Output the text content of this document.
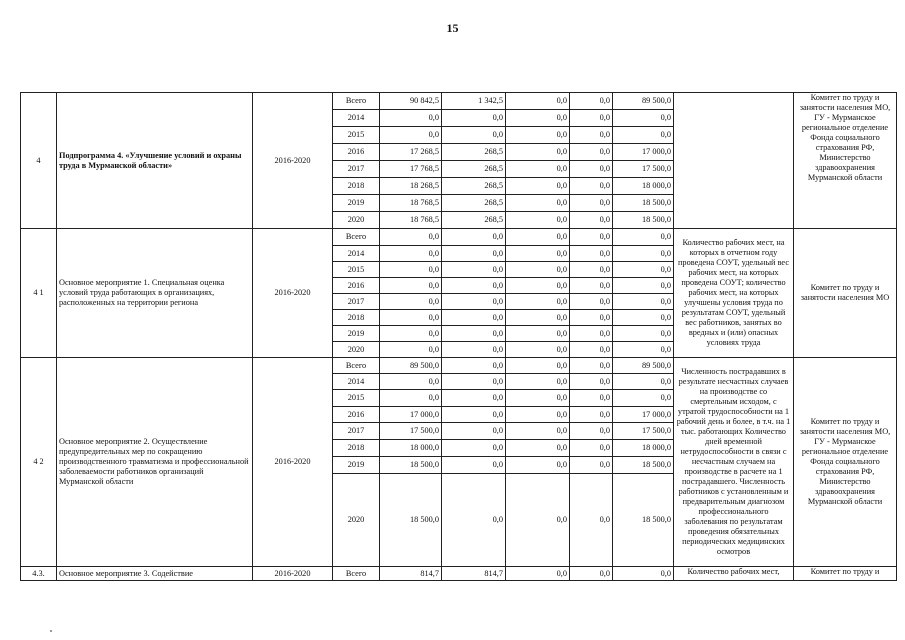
15
4	Подпрограмма 4. «Улучшение условий и охраны труда в Мурманской области»	2016-2020	Всего	90 842,5	1 342,5	0,0	0,0	89 500,0		Комитет по труду и занятости населения МО, ГУ - Мурманское региональное отделение Фонда социального страхования РФ, Министерство здравоохранения Мурманской области
			2014	0,0	0,0	0,0	0,0	0,0		
			2015	0,0	0,0	0,0	0,0	0,0		
			2016	17 268,5	268,5	0,0	0,0	17 000,0		
			2017	17 768,5	268,5	0,0	0,0	17 500,0		
			2018	18 268,5	268,5	0,0	0,0	18 000,0		
			2019	18 768,5	268,5	0,0	0,0	18 500,0		
			2020	18 768,5	268,5	0,0	0,0	18 500,0		
4 1	Основное мероприятие 1. Специальная оценка условий труда работающих в организациях, расположенных на территории региона	2016-2020	Всего	0,0	0,0	0,0	0,0	0,0	Количество рабочих мест, на которых в отчетном году проведена СОУТ, удельный вес рабочих мест, на которых проведена СОУТ; количество рабочих мест, на которых улучшены условия труда по результатам СОУТ, удельный вес работников, занятых во вредных и (или) опасных условиях труда	Комитет по труду и занятости населения МО
			2014	0,0	0,0	0,0	0,0	0,0		
			2015	0,0	0,0	0,0	0,0	0,0		
			2016	0,0	0,0	0,0	0,0	0,0		
			2017	0,0	0,0	0,0	0,0	0,0		
			2018	0,0	0,0	0,0	0,0	0,0		
			2019	0,0	0,0	0,0	0,0	0,0		
			2020	0,0	0,0	0,0	0,0	0,0		
4 2	Основное мероприятие 2. Осуществление предупредительных мер по сокращению производственного травматизма и профессиональной заболеваемости работников организаций Мурманской области	2016-2020	Всего	89 500,0	0,0	0,0	0,0	89 500,0	Численность пострадавших в результате несчастных случаев на производстве со смертельным исходом, с утратой трудоспособности на 1 рабочий день и более, в т.ч. на 1 тыс. работающих Количество дней временной нетрудоспособности в связи с несчастным случаем на производстве в расчете на 1 пострадавшего. Численность работников с установленным и предварительным диагнозом профессионального заболевания по результатам проведения обязательных периодических медицинских осмотров	Комитет по труду и занятости населения МО, ГУ - Мурманское региональное отделение Фонда социального страхования РФ, Министерство здравоохранения Мурманской области
			2014	0,0	0,0	0,0	0,0	0,0		
			2015	0,0	0,0	0,0	0,0	0,0		
			2016	17 000,0	0,0	0,0	0,0	17 000,0		
			2017	17 500,0	0,0	0,0	0,0	17 500,0		
			2018	18 000,0	0,0	0,0	0,0	18 000,0		
			2019	18 500,0	0,0	0,0	0,0	18 500,0		
			2020	18 500,0	0,0	0,0	0,0	18 500,0		
4.3.	Основное мероприятие 3. Содействие	2016-2020	Всего	814,7	814,7	0,0	0,0	0,0	Количество рабочих мест,	Комитет по труду и
